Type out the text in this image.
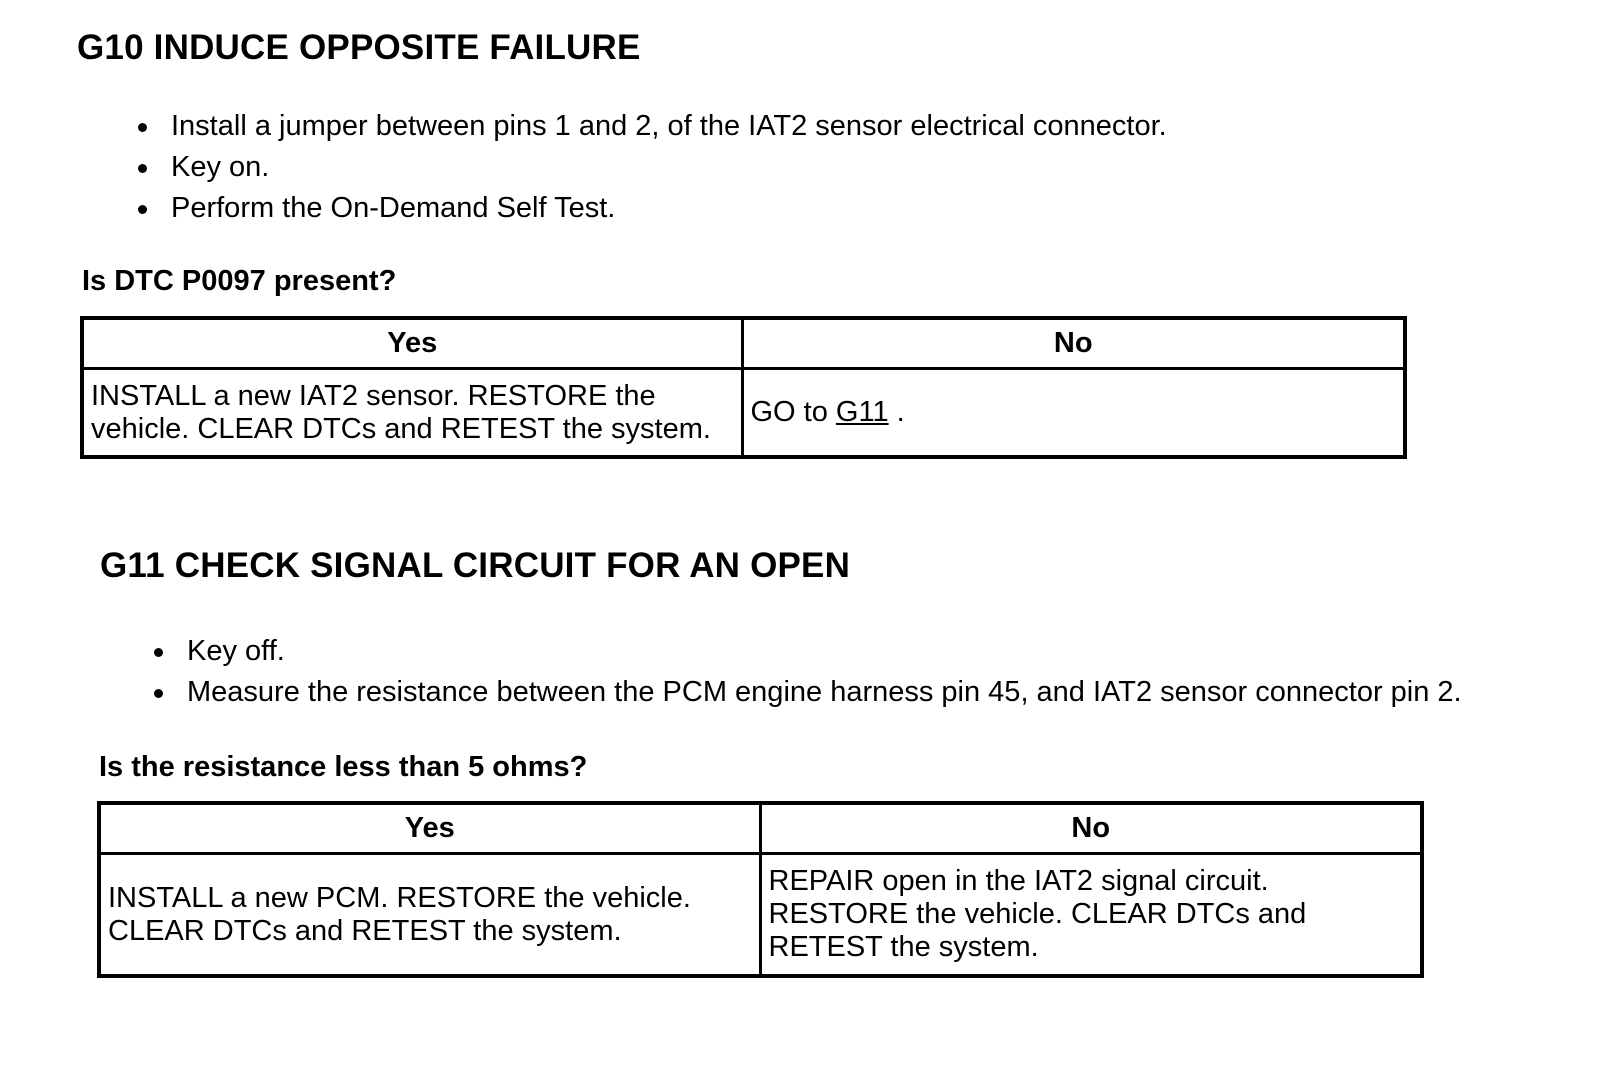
G10 INDUCE OPPOSITE FAILURE
Install a jumper between pins 1 and 2, of the IAT2 sensor electrical connector.
Key on.
Perform the On-Demand Self Test.

Is DTC P0097 present?

Yes	No
INSTALL a new IAT2 sensor. RESTORE the vehicle. CLEAR DTCs and RETEST the system.	GO to G11 .
G11 CHECK SIGNAL CIRCUIT FOR AN OPEN
Key off.
Measure the resistance between the PCM engine harness pin 45, and IAT2 sensor connector pin 2.

Is the resistance less than 5 ohms?

Yes	No
INSTALL a new PCM. RESTORE the vehicle. CLEAR DTCs and RETEST the system.	REPAIR open in the IAT2 signal circuit. RESTORE the vehicle. CLEAR DTCs and RETEST the system.
